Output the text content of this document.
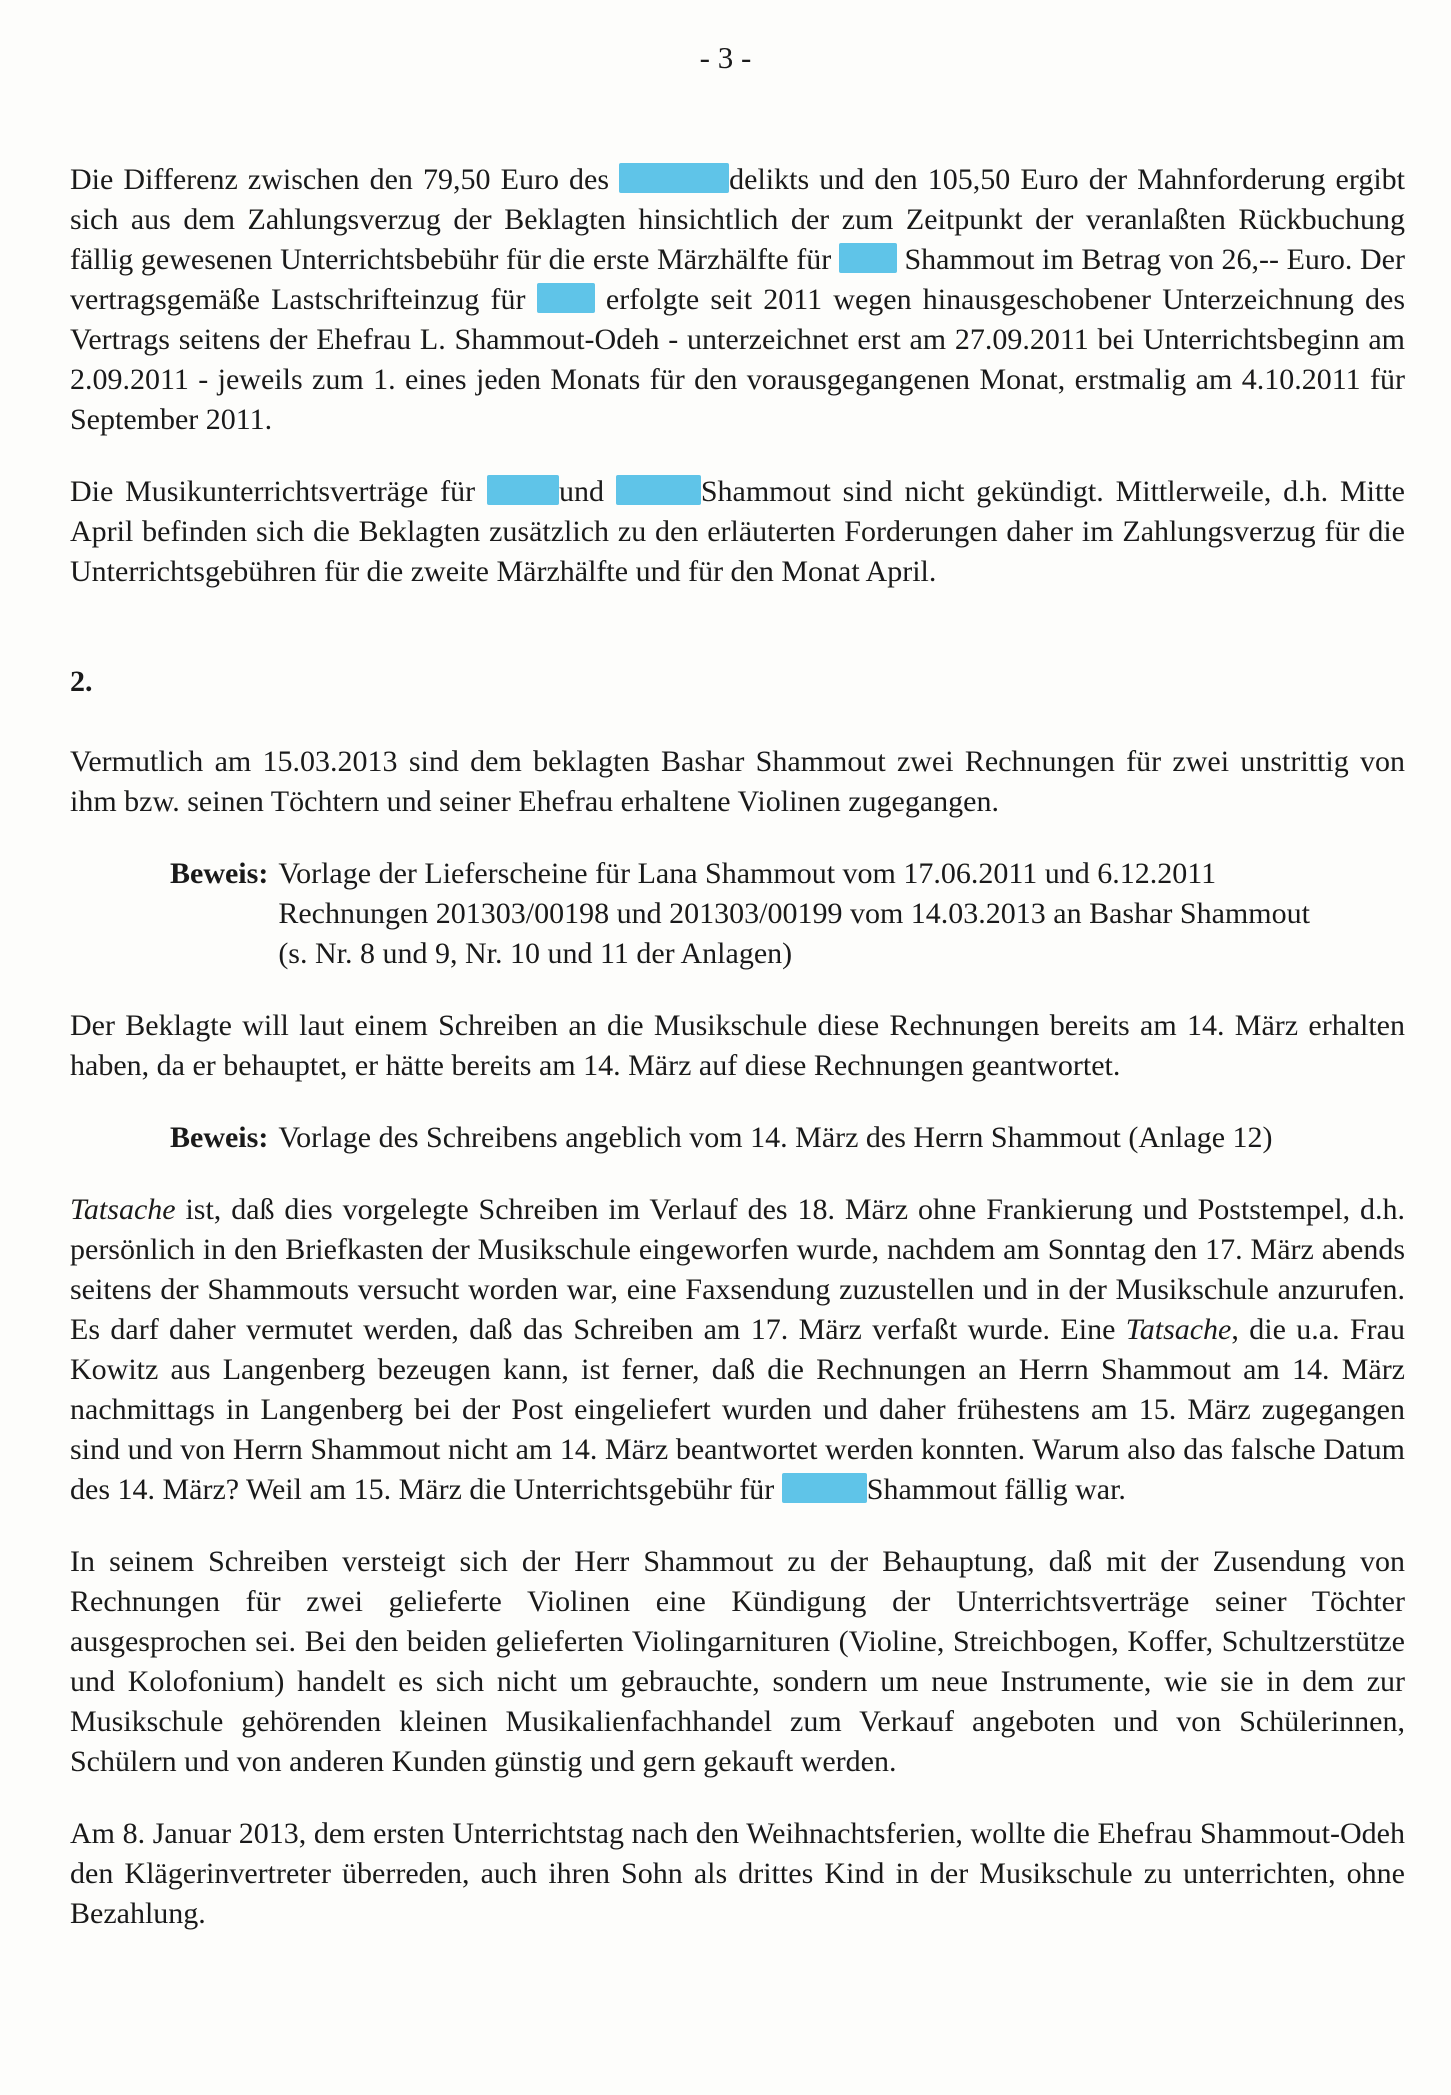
- 3 -

Die Differenz zwischen den 79,50 Euro des	delikts und den 105,50 Euro der Mahnforderung ergibt sich aus dem Zahlungsverzug der Beklagten hinsichtlich der zum Zeitpunkt der veranlaßten Rückbuchung fällig gewesenen Unterrichtsbebühr für die erste Märzhälfte für  Shammout im Betrag von 26,-- Euro. Der vertragsgemäße Lastschrifteinzug für  erfolgte seit 2011 wegen hinausgeschobener Unterzeichnung des Vertrags seitens der Ehefrau L. Shammout-Odeh - unterzeichnet erst am 27.09.2011 bei Unterrichtsbeginn am 2.09.2011 - jeweils zum 1. eines jeden Monats für den vorausgegangenen Monat, erstmalig am 4.10.2011 für September 2011.

Die Musikunterrichtsverträge für und	Shammout sind nicht gekündigt. Mittlerweile, d.h. Mitte April befinden sich die Beklagten zusätzlich zu den erläuterten Forderungen daher im Zahlungsverzug für die Unterrichtsgebühren für die zweite Märzhälfte und für den Monat April.

2.

Vermutlich am 15.03.2013 sind dem beklagten Bashar Shammout zwei Rechnungen für zwei unstrittig von ihm bzw. seinen Töchtern und seiner Ehefrau erhaltene Violinen zugegangen.

Beweis: Vorlage der Lieferscheine für Lana Shammout vom 17.06.2011 und 6.12.2011
Rechnungen 201303/00198 und 201303/00199 vom 14.03.2013 an Bashar Shammout
(s. Nr. 8 und 9, Nr. 10 und 11 der Anlagen)

Der Beklagte will laut einem Schreiben an die Musikschule diese Rechnungen bereits am 14. März erhalten haben, da er behauptet, er hätte bereits am 14. März auf diese Rechnungen geantwortet.

Beweis: Vorlage des Schreibens angeblich vom 14. März des Herrn Shammout (Anlage 12)

Tatsache ist, daß dies vorgelegte Schreiben im Verlauf des 18. März ohne Frankierung und Poststempel, d.h. persönlich in den Briefkasten der Musikschule eingeworfen wurde, nachdem am Sonntag den 17. März abends seitens der Shammouts versucht worden war, eine Faxsendung zuzustellen und in der Musikschule anzurufen. Es darf daher vermutet werden, daß das Schreiben am 17. März verfaßt wurde. Eine Tatsache, die u.a. Frau Kowitz aus Langenberg bezeugen kann, ist ferner, daß die Rechnungen an Herrn Shammout am 14. März nachmittags in Langenberg bei der Post eingeliefert wurden und daher frühestens am 15. März zugegangen sind und von Herrn Shammout nicht am 14. März beantwortet werden konnten. Warum also das falsche Datum des 14. März? Weil am 15. März die Unterrichtsgebühr für	Shammout fällig war.

In seinem Schreiben versteigt sich der Herr Shammout zu der Behauptung, daß mit der Zusendung von Rechnungen für zwei gelieferte Violinen eine Kündigung der Unterrichtsverträge seiner Töchter ausgesprochen sei. Bei den beiden gelieferten Violingarnituren (Violine, Streichbogen, Koffer, Schultzerstütze und Kolofonium) handelt es sich nicht um gebrauchte, sondern um neue Instrumente, wie sie in dem zur Musikschule gehörenden kleinen Musikalienfachhandel zum Verkauf angeboten und von Schülerinnen, Schülern und von anderen Kunden günstig und gern gekauft werden.

Am 8. Januar 2013, dem ersten Unterrichtstag nach den Weihnachtsferien, wollte die Ehefrau Shammout-Odeh den Klägerinvertreter überreden, auch ihren Sohn als drittes Kind in der Musikschule zu unterrichten, ohne Bezahlung.
